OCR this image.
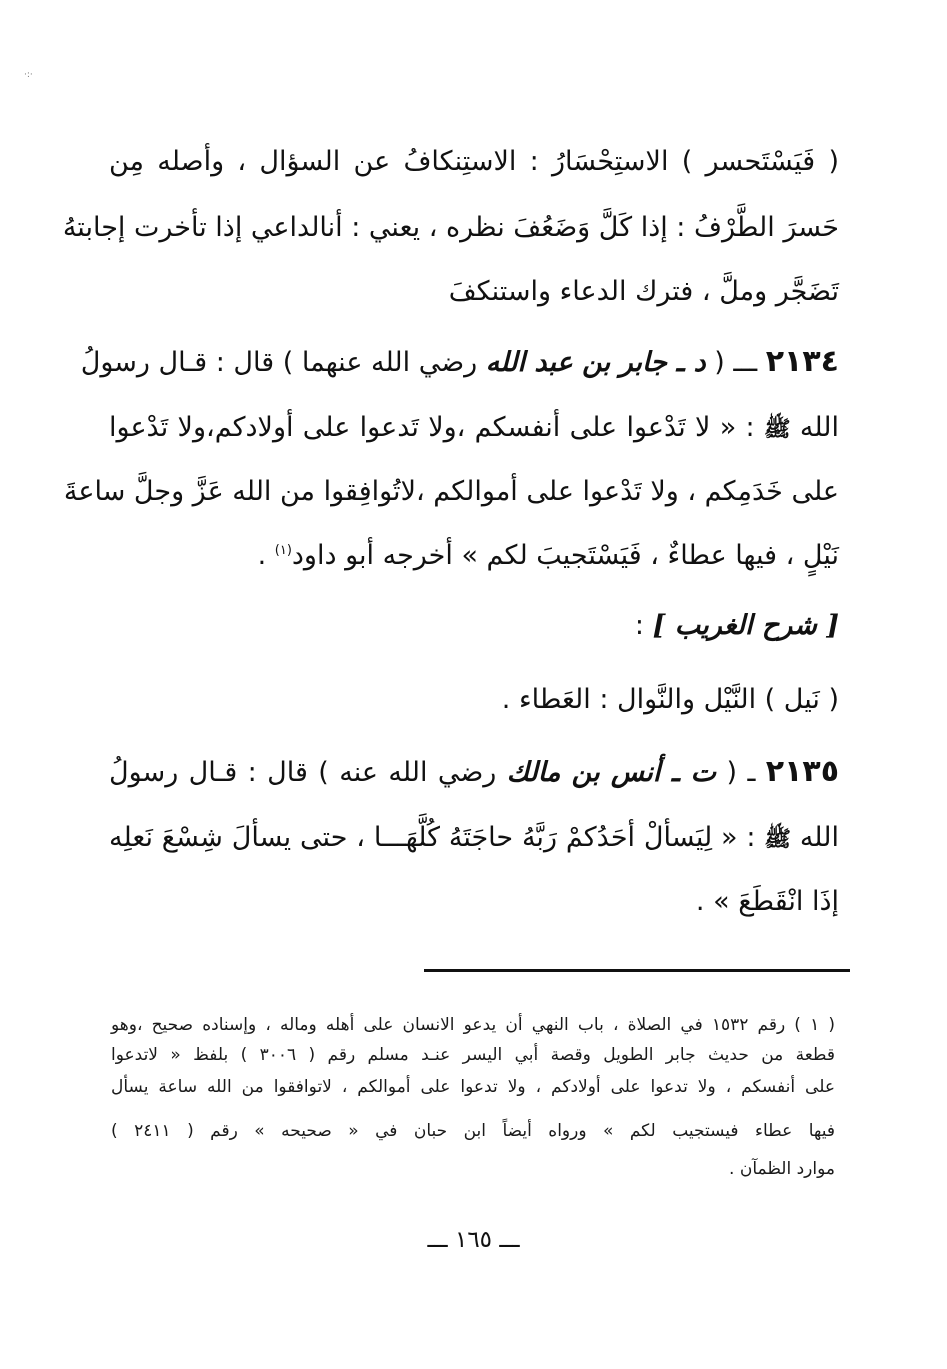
·:·
( فَيَسْتَحسر ) الاستِحْسَارُ : الاستِنكافُ عن السؤال ، وأصله مِن
حَسرَ الطَّرْفُ : إذا كَلَّ وَضَعُفَ نظره ، يعني : أنالداعي إذا تأخرت إجابتهُ
تَضَجَّر وملَّ ، فترك الدعاء واستنكفَ
٢١٣٤ ـــ ( د ـ جابر بن عبد الله رضي الله عنهما ) قال : قـال رسولُ
الله ﷺ : « لا تَدْعوا على أنفسكم ،ولا تَدعوا على أولادكم،ولا تَدْعوا
على خَدَمِكم ، ولا تَدْعوا على أموالكم ،لاتُوافِقوا من الله عَزَّ وجلَّ ساعةَ
نَيْلٍ ، فيها عطاءٌ ، فَيَسْتَجيبَ لكم » أخرجه أبو داود$^{(١)}$ .
[ شرح الغريب ] :
( نَيل ) النَّيْل والنَّوال : العَطاء .
٢١٣٥ ـ ( ت ـ أنس بن مالك رضي الله عنه ) قال : قـال رسولُ
الله ﷺ : « لِيَسألْ أحَدُكمْ رَبَّهُ حاجَتَهُ كُلَّهَـــا ، حتى يسألَ شِسْعَ نَعلِه
إذَا انْقَطَعَ » .
( ١ ) رقم ١٥٣٢ في الصلاة ، باب النهي أن يدعو الانسان على أهله وماله ، وإسناده صحيح ،وهو
قطعة من حديث جابر الطويل وقصة أبي اليسر عنـد مسلم رقم ( ٣٠٠٦ ) بلفظ « لاتدعوا
على أنفسكم ، ولا تدعوا على أولادكم ، ولا تدعوا على أموالكم ، لاتوافقوا من الله ساعة يسأل
فيها عطاء فيستجيب لكم » ورواه أيضاً ابن حبان في « صحيحه » رقم ( ٢٤١١ )
موارد الظمآن .
ـــ ١٦٥ ـــ
